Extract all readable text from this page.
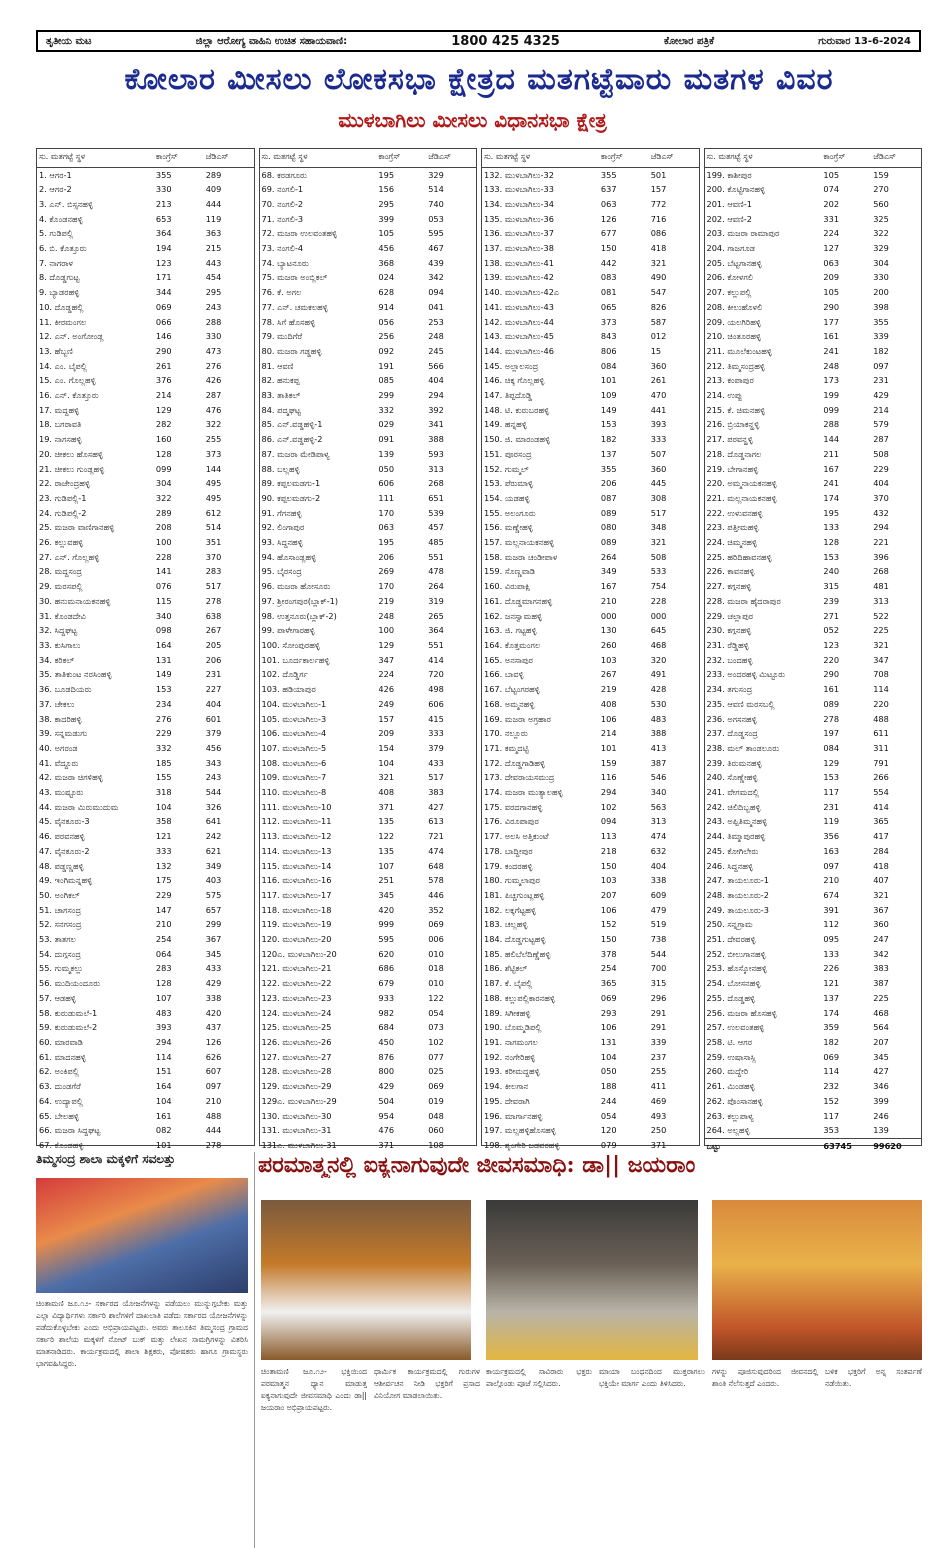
ತೃತೀಯ ಮಟ	ಜಿಲ್ಲಾ ಆರೋಗ್ಯ ವಾಹಿನಿ ಉಚಿತ ಸಹಾಯವಾಣಿ:	1800 425 4325	ಕೋಲಾರ ಪತ್ರಿಕೆ	ಗುರುವಾರ 13-6-2024
ಕೋಲಾರ ಮೀಸಲು ಲೋಕಸಭಾ ಕ್ಷೇತ್ರದ ಮತಗಟ್ಟೆವಾರು ಮತಗಳ ವಿವರ
ಮುಳಬಾಗಿಲು ಮೀಸಲು ವಿಧಾನಸಭಾ ಕ್ಷೇತ್ರ
ಸು. ಮತಗಟ್ಟೆ ಸ್ಥಳ	ಕಾಂಗ್ರೆಸ್	ಜೆಡಿಎಸ್
1. ಆಗರ-1	355	289
2. ಆಗರ-2	330	409
3. ಎನ್. ಬಿಸ್ಸನಹಳ್ಳಿ	213	444
4. ಕೊಂಡನಹಳ್ಳಿ	653	119
5. ಗುಡಿಪಲ್ಲಿ	364	363
6. ಬಿ. ಕೊತ್ತೂರು	194	215
7. ನಾಗರಾಳ	123	443
8. ದೊಡ್ಡಗುಟ್ಟ	171	454
9. ಬ್ಯಾಡರಹಳ್ಳಿ	344	295
10. ದೊಡ್ಡಹಲ್ಲಿ	069	243
11. ಕೀರಮಂಗಲ	066	288
12. ಎನ್. ಅಂಗೋಂಡ್ಲ	146	330
13. ಹೆಬ್ಬಣಿ	290	473
14. ಎಂ. ಬೈಪಲ್ಲಿ	261	276
15. ಎಂ. ಗೊಲ್ಲಹಳ್ಳಿ	376	426
16. ಎನ್. ಕೊತ್ತೂರು	214	287
17. ಮದ್ದಹಳ್ಳಿ	129	476
18. ಬಗರಾವತಿ	282	322
19. ನಾಗಸಹಳ್ಳಿ	160	255
20. ಚೀಕಲು ಹೊಸಹಳ್ಳಿ	128	373
21. ಚೀಕಲು ಗುಂಡ್ಲಹಳ್ಳಿ	099	144
22. ರಾಜೇಂದ್ರಹಳ್ಳಿ	304	495
23. ಗುಡಿಪಲ್ಲಿ-1	322	495
24. ಗುಡಿಪಲ್ಲಿ-2	289	612
25. ಮಜರಾ ವಾಣಿಗಾನಹಳ್ಳಿ	208	514
26. ಕಲ್ಲುವಹಳ್ಳಿ	100	351
27. ಎನ್. ಗೊಲ್ಲಹಳ್ಳಿ	228	370
28. ಮದ್ದಸಂದ್ರ	141	283
29. ಮರಸಪಲ್ಲಿ	076	517
30. ಹನುಮನಾಯಕನಹಳ್ಳಿ	115	278
31. ಕೊಂಡದೇವಿ	340	638
32. ಸಿದ್ದಘಟ್ಟ	098	267
33. ಕುಸಿಗಾಲು	164	205
34. ಕರಿಕಲ್	131	206
35. ತಾತಿಕುಂಟ ನರಸಿಂಹಳ್ಳಿ	149	231
36. ಬೂಡದಿಯರು	153	227
37. ಚೇಕಲು	234	404
38. ಕಾದರಿಹಳ್ಳಿ	276	601
39. ಸನ್ನಮಡುಗು	229	379
40. ಅಗರಂಡ	332	456
41. ವೆದ್ದೂರು	185	343
42. ಮಜರಾ ಚಿಗಳಿಹಳ್ಳಿ	155	243
43. ಮುಷ್ಟೂರು	318	544
44. ಮಜರಾ ಮಿರುಮುದುಮ	104	326
45. ವೈನಕೂರು-3	358	641
46. ಪರವನಹಳ್ಳಿ	121	242
47. ವೈನಕೂರು-2	333	621
48. ಪಡ್ಡಣ್ಣಹಳ್ಳಿ	132	349
49. ಇಂಗಿಮನ್ನಹಳ್ಳಿ	175	403
50. ಅಂಗಿಕಲ್	229	575
51. ಚಾಗಸಂದ್ರ	147	657
52. ಸನಗಸಂದ್ರ	210	299
53. ತಾತಗಲ	254	367
54. ದುಗ್ಗಸಂದ್ರ	064	345
55. ಗುಮ್ಮಕಲ್ಲು	283	433
56. ಮುದಿಯಂದೂರು	128	429
57. ಆಡಹಳ್ಳಿ	107	338
58. ಕುರುಡುಮಲೆ-1	483	420
59. ಕುರುಡುಮಲೆ-2	393	437
60. ಮಾರವಾಡಿ	294	126
61. ಮಾದನಹಳ್ಳಿ	114	626
62. ಅಂಕಿಪಲ್ಲಿ	151	607
63. ದುಂಡಗೆರೆ	164	097
64. ಉದ್ಯಾಪಲ್ಲಿ	104	210
65. ಬೇಲಹಳ್ಳಿ	161	488
66. ಮಜರಾ ಸಿದ್ದಘಟ್ಟ	082	444
67. ಕೊಂಡಹಳ್ಳಿ	101	278
ಸು. ಮತಗಟ್ಟೆ ಸ್ಥಳ	ಕಾಂಗ್ರೆಸ್	ಜೆಡಿಎಸ್
68. ಕರಡಗೂರು	195	329
69. ನಂಗಲಿ-1	156	514
70. ನಂಗಲಿ-2	295	740
71. ನಂಗಲಿ-3	399	053
72. ಮಜರಾ ಉಲವಂತಹಳ್ಳಿ	105	595
73. ನಂಗಲಿ-4	456	467
74. ಬ್ಯಾಟನೂರು	368	439
75. ಮಜರಾ ಅಂಬ್ಲಿಕಲ್	024	342
76. ಕೆ. ಅಗಲ	628	094
77. ಎನ್. ಚಮಕಲಹಳ್ಳಿ	914	041
78. ಸಿಗೆ ಹೊಸಹಳ್ಳಿ	056	253
79. ಮುದಿಗೆರೆ	256	248
80. ಮಜರಾ ಗಡ್ಡಹಳ್ಳಿ	092	245
81. ಆವಣಿ	191	566
82. ಹನುಕಪ್ಪ	085	404
83. ತಾತಿಕಲ್	299	294
84. ಪದ್ಮಘಟ್ಟ	332	392
85. ಎನ್.ವಡ್ಡಹಳ್ಳಿ-1	029	341
86. ಎನ್.ವಡ್ಡಹಳ್ಳಿ-2	091	388
87. ಮಜರಾ ಮೇಡಿಪಾಳ್ಯ	139	593
88. ಬಲ್ಲಹಳ್ಳಿ	050	313
89. ಕಪ್ಪಲಮಡಗು-1	606	268
90. ಕಪ್ಪಲಮಡಗು-2	111	651
91. ಗೆಗನಹಳ್ಳಿ	170	539
92. ಲಿಂಗಾಪುರ	063	457
93. ಸಿದ್ದನಹಳ್ಳಿ	195	485
94. ಹೊಸಾಂಡ್ಲಹಳ್ಳಿ	206	551
95. ಬೈರಸಂದ್ರ	269	478
96. ಮಜರಾ ಹೋಸೂರು	170	264
97. ಶ್ರೀರಂಗಪುರ(ಬ್ಲಾಕ್-1)	219	319
98. ಉತ್ತನೂರು(ಬ್ಲಾಕ್-2)	248	265
99. ಪಾಳೇಗಾರಹಳ್ಳಿ	100	364
100. ಸೋಂಪುರಹಳ್ಳಿ	129	551
101. ಬೂರ್ದಕಾರ್ಲಹಳ್ಳಿ	347	414
102. ದೊಡ್ಡಿರ್ಗ	224	720
103. ಹಡಿಯಾಪುರ	426	498
104. ಮುಳಬಾಗಿಲು-1	249	606
105. ಮುಳಬಾಗಿಲು-3	157	415
106. ಮುಳಬಾಗಿಲು-4	209	333
107. ಮುಳಬಾಗಿಲು-5	154	379
108. ಮುಳಬಾಗಿಲು-6	104	433
109. ಮುಳಬಾಗಿಲು-7	321	517
110. ಮುಳಬಾಗಿಲು-8	408	383
111. ಮುಳಬಾಗಿಲು-10	371	427
112. ಮುಳಬಾಗಿಲು-11	135	613
113. ಮುಳಬಾಗಿಲು-12	122	721
114. ಮುಳಬಾಗಿಲು-13	135	474
115. ಮುಳಬಾಗಿಲು-14	107	648
116. ಮುಳಬಾಗಿಲು-16	251	578
117. ಮುಳಬಾಗಿಲು-17	345	446
118. ಮುಳಬಾಗಿಲು-18	420	352
119. ಮುಳಬಾಗಿಲು-19	999	069
120. ಮುಳಬಾಗಿಲು-20	595	006
120ಎ. ಮುಳಬಾಗಿಲು-20	620	010
121. ಮುಳಬಾಗಿಲು-21	686	018
122. ಮುಳಬಾಗಿಲು-22	679	010
123. ಮುಳಬಾಗಿಲು-23	933	122
124. ಮುಳಬಾಗಿಲು-24	982	054
125. ಮುಳಬಾಗಿಲು-25	684	073
126. ಮುಳಬಾಗಿಲು-26	450	102
127. ಮುಳಬಾಗಿಲು-27	876	077
128. ಮುಳಬಾಗಿಲು-28	800	025
129. ಮುಳಬಾಗಿಲು-29	429	069
129ಎ. ಮುಳಬಾಗಿಲು-29	504	019
130. ಮುಳಬಾಗಿಲು-30	954	048
131. ಮುಳಬಾಗಿಲು-31	476	060
131ಎ. ಮುಳಬಾಗಿಲು-31	371	108
ಸು. ಮತಗಟ್ಟೆ ಸ್ಥಳ	ಕಾಂಗ್ರೆಸ್	ಜೆಡಿಎಸ್
132. ಮುಳಬಾಗಿಲು-32	355	501
133. ಮುಳಬಾಗಿಲು-33	637	157
134. ಮುಳಬಾಗಿಲು-34	063	772
135. ಮುಳಬಾಗಿಲು-36	126	716
136. ಮುಳಬಾಗಿಲು-37	677	086
137. ಮುಳಬಾಗಿಲು-38	150	418
138. ಮುಳಬಾಗಿಲು-41	442	321
139. ಮುಳಬಾಗಿಲು-42	083	490
140. ಮುಳಬಾಗಿಲು-42ಎ	081	547
141. ಮುಳಬಾಗಿಲು-43	065	826
142. ಮುಳಬಾಗಿಲು-44	373	587
143. ಮುಳಬಾಗಿಲು-45	843	012
144. ಮುಳಬಾಗಿಲು-46	806	15
145. ಅಲ್ಲಾಲಸಂದ್ರ	084	360
146. ಚಿಕ್ಕ ಗೊಲ್ಲಹಳ್ಳಿ	101	261
147. ತಿಪ್ಪದೊಡ್ಡಿ	109	470
148. ಟಿ. ಕುರುಬರಹಳ್ಳಿ	149	441
149. ಹನ್ನಹಳ್ಳಿ	153	393
150. ಜಿ. ಮಾರಂಡಹಳ್ಳಿ	182	333
151. ಪೂರಸಂದ್ರ	137	507
152. ಗುಮ್ಮಲ್	355	360
153. ಪೆರುಮಾಳ್ಳಿ	206	445
154. ಯಡಹಳ್ಳಿ	087	308
155. ಅಲಂಗೂರು	089	517
156. ಮಣ್ಣೇಹಳ್ಳಿ	080	348
157. ಮಲ್ಲನಾಯಕನಹಳ್ಳಿ	089	321
158. ಮಜರಾ ಚಂಡೀಪಾಳ	264	508
159. ಸೊಣ್ಣವಾಡಿ	349	533
160. ವಿರುಪಾಕ್ಷಿ	167	754
161. ದೊಡ್ಡಮಾಗನಹಳ್ಳಿ	210	228
162. ಜನಸ್ವಾಮಹಳ್ಳಿ	000	000
163. ಜಿ. ಗಟ್ಟಹಳ್ಳಿ	130	645
164. ಕೊತ್ತಮಂಗಲ	260	468
165. ಅನಸಾಪುರ	103	320
166. ಬಾವಳ್ಳಿ	267	491
167. ಬೆಟ್ಟಂಗರಹಳ್ಳಿ	219	428
168. ಅಮ್ಮನಹಳ್ಳಿ	408	530
169. ಮಜರಾ ಅಗ್ರಹಾರ	106	483
170. ನಲ್ಲೂರು	214	388
171. ಕಮ್ಮದಟ್ಟಿ	101	413
172. ದೊಡ್ಡಗಾಡಿಹಳ್ಳಿ	159	387
173. ದೇವರಾಯಸಮುದ್ರ	116	546
174. ಮಜರಾ ಮುತ್ಯಾಲಹಳ್ಳಿ	294	340
175. ವರದಗಾನಹಳ್ಳಿ	102	563
176. ವಿರೂಪಾಪುರ	094	313
177. ಅಲಸಿ ಅತ್ತಿಕುಂಟೆ	113	474
178. ಬಾದ್ದೀಪುರ	218	632
179. ಕಂದರಹಳ್ಳಿ	150	404
180. ಗುಮ್ಮಲಾಪುರ	103	338
181. ಪಿಚ್ಚಗುಂಟ್ಲಹಳ್ಳಿ	207	609
182. ಲಕ್ಕಗೆಟ್ಟಹಳ್ಳಿ	106	479
183. ಚಲ್ಲಹಳ್ಳಿ	152	519
184. ದೊಡ್ಡಗುಟ್ಟಹಳ್ಳಿ	150	738
185. ಹಲಿಬೆಲೆದಿಣ್ಣೆಹಳ್ಳಿ	378	544
186. ಶೆಟ್ಟಿಕಲ್	254	700
187. ಕೆ. ಬೈಪಲ್ಲಿ	365	315
188. ಕಲ್ಲುಪಲ್ಲಿಕಾರನಹಳ್ಳಿ	069	296
189. ಸಿಗೀಕಹಳ್ಳಿ	293	291
190. ಬೊಮ್ಮಡಿಪಲ್ಲಿ	106	291
191. ನಾಗಮಂಗಲ	131	339
192. ನಂಗೇರಿಹಳ್ಳಿ	104	237
193. ಕರೀಮದ್ದಹಳ್ಳಿ	050	255
194. ಕೀಲಗಾನ	188	411
195. ದೇವರಾಗಿ	244	469
196. ಮಾರ್ಗಾನಹಳ್ಳಿ	054	493
197. ಮಲ್ಲಹಳ್ಳಿಹೊಸಹಳ್ಳಿ	120	250
198. ಶೃಂಗೇರಿ ಜಡವರಹಳ್ಳಿ	079	371
ಸು. ಮತಗಟ್ಟೆ ಸ್ಥಳ	ಕಾಂಗ್ರೆಸ್	ಜೆಡಿಎಸ್
199. ಕಾಶೀಪುರ	105	159
200. ಕೊಟ್ಟಿಗಾನಹಳ್ಳಿ	074	270
201. ಆವಣಿ-1	202	560
202. ಆವಣಿ-2	331	325
203. ಮಜರಾ ರಾಮಾಪುರ	224	322
204. ಗಾಜಗೂಡ	127	329
205. ಬೆಟ್ಟಗಾನಹಳ್ಳಿ	063	304
206. ಕೋಳಗಲಿ	209	330
207. ಕಲ್ಲುಪಲ್ಲಿ	105	200
208. ಕೀಲುಹೊಳಲಿ	290	398
209. ಯಲಗಿರಿಹಳ್ಳಿ	177	355
210. ಚಿಂತೂರಹಳ್ಳಿ	161	339
211. ಮೂಲೆಕುಂಟಹಳ್ಳಿ	241	182
212. ತಿಮ್ಮಸಂದ್ರಹಳ್ಳಿ	248	097
213. ಕಂಪಾಪುರ	173	231
214. ಉಪ್ಪು	199	429
215. ಕೆ. ಚಿಮನಹಳ್ಳಿ	099	214
216. ಬ್ರಿಯಾಕನ್ಹಳ್ಳಿ	288	579
217. ಪರವನ್ಹಳ್ಳಿ	144	287
218. ದೊಡ್ಡನಾಗಲ	211	508
219. ಬೇಗಾನಹಳ್ಳಿ	167	229
220. ಅಮ್ಮನಾಯಕನಹಳ್ಳಿ	241	404
221. ಮಲ್ಲನಾಯಕನಹಳ್ಳಿ	174	370
222. ಉಳುವನಹಳ್ಳಿ	195	432
223. ಪತ್ತೀಮಹಳ್ಳಿ	133	294
224. ಚಿಮ್ಮನಹಳ್ಳಿ	128	221
225. ಹರಿದಿಹಾವನಹಳ್ಳಿ	153	396
226. ಕಾವನಹಳ್ಳಿ	240	268
227. ಕಗ್ಗನಹಳ್ಳಿ	315	481
228. ಮಜರಾ ಹೈದರಾಪುರ	239	313
229. ಚಲ್ಲಾಪುರ	271	522
230. ಕಗ್ಗನಹಳ್ಳಿ	052	225
231. ರೆಡ್ಡಿಹಳ್ಳಿ	123	321
232. ಬಂದಹಳ್ಳಿ	220	347
233. ಅಂದರಹಳ್ಳಿ ಮಿಟ್ಟೂರು	290	708
234. ತಗುಸಂದ್ರ	161	114
235. ಆವಣಿ ಮರಸಬಲ್ಲಿ	089	220
236. ಅಗಸನಹಳ್ಳಿ	278	488
237. ದೊಡ್ಡಸಂದ್ರ	197	611
238. ಮಲ್ ತಾಂಡಲೂರು	084	311
239. ತಿರುಮನಹಳ್ಳಿ	129	791
240. ಸೊಣ್ಣೇಹಳ್ಳಿ	153	266
241. ವೇಗಮದಲ್ಲಿ	117	554
242. ಚಿಲಿದಿಬ್ಬಹಳ್ಳಿ	231	414
243. ಅಪ್ಪಿತಿಮ್ಮನಹಳ್ಳಿ	119	365
244. ತಿಮ್ಮಾಪುರಹಳ್ಳಿ	356	417
245. ಕೋಗಿಲೇರು	163	284
246. ಸಿದ್ದನಹಳ್ಳಿ	097	418
247. ತಾಯಲೂರು-1	210	407
248. ತಾಯಲೂರು-2	674	321
249. ತಾಯಲೂರು-3	391	367
250. ಸನ್ನಗ್ರಾಮ	112	360
251. ದೇವರಹಳ್ಳಿ	095	247
252. ಬೀಲುಗಾನಹಳ್ಳಿ	133	342
253. ಹೊಸ್ಕೋನಹಳ್ಳಿ	226	383
254. ಬೋಸನಹಳ್ಳಿ	121	387
255. ದೊಡ್ಡಹಳ್ಳಿ	137	225
256. ಮಜರಾ ಹೊಸಹಳ್ಳಿ	174	468
257. ಉಲವಂತಹಳ್ಳಿ	359	564
258. ಟಿ. ಆಗರ	182	207
259. ಉಷಾಸಾಸ್ಲಿ	069	345
260. ಮದ್ದೇರಿ	114	427
261. ಮಿಂಡಹಳ್ಳಿ	232	346
262. ಪೊಂಸಾನಹಳ್ಳಿ	152	399
263. ಕಲ್ಲುಪಾಳ್ಯ	117	246
264. ಅಲ್ಲಹಳ್ಳಿ	353	139
ಒಟ್ಟು	63745	99620
ತಿಮ್ಮಸಂದ್ರ ಶಾಲಾ ಮಕ್ಕಳಿಗೆ ಸವಲತ್ತು	ಪರಮಾತ್ಮನಲ್ಲಿ ಐಕ್ಯನಾಗುವುದೇ ಜೀವಸಮಾಧಿ: ಡಾ|| ಜಯರಾಂ
ಚಿಂತಾಮಣಿ ಜೂ.೧೨- ಸರ್ಕಾರದ ಯೋಜನೆಗಳನ್ನು ಪಡೆಯಲು ಮುನ್ನುಗ್ಗಬೇಕು ಮತ್ತು ಎಲ್ಲಾ ವಿದ್ಯಾರ್ಥಿಗಳು ಸರ್ಕಾರಿ ಶಾಲೆಗಳಿಗೆ ದಾಖಲಾತಿ ಪಡೆದು ಸರ್ಕಾರದ ಯೋಜನೆಗಳನ್ನು ಪಡೆದುಕೊಳ್ಳಬೇಕು ಎಂದು ಅಭಿಪ್ರಾಯಪಟ್ಟರು. ಅವರು ತಾಲೂಕಿನ ತಿಮ್ಮಸಂದ್ರ ಗ್ರಾಮದ ಸರ್ಕಾರಿ ಶಾಲೆಯ ಮಕ್ಕಳಿಗೆ ನೋಟ್ ಬುಕ್ ಮತ್ತು ಲೇಖನ ಸಾಮಗ್ರಿಗಳನ್ನು ವಿತರಿಸಿ ಮಾತನಾಡಿದರು. ಕಾರ್ಯಕ್ರಮದಲ್ಲಿ ಶಾಲಾ ಶಿಕ್ಷಕರು, ಪೋಷಕರು ಹಾಗೂ ಗ್ರಾಮಸ್ಥರು ಭಾಗವಹಿಸಿದ್ದರು.
ಚಿಂತಾಮಣಿ ಜೂ.೧೨- ಭಕ್ತಿಯಿಂದ ಪರಮಾತ್ಮನ ಧ್ಯಾನ ಮಾಡುತ್ತ ಐಕ್ಯನಾಗುವುದೇ ಜೀವಸಮಾಧಿ ಎಂದು ಡಾ|| ಜಯರಾಂ ಅಭಿಪ್ರಾಯಪಟ್ಟರು.
ಧಾರ್ಮಿಕ ಕಾರ್ಯಕ್ರಮದಲ್ಲಿ ಗುರುಗಳ ಆಶೀರ್ವಚನ ನೀಡಿ ಭಕ್ತರಿಗೆ ಪ್ರಸಾದ ವಿನಿಯೋಗ ಮಾಡಲಾಯಿತು.
ಕಾರ್ಯಕ್ರಮದಲ್ಲಿ ಸಾವಿರಾರು ಭಕ್ತರು ಪಾಲ್ಗೊಂಡು ಪೂಜೆ ಸಲ್ಲಿಸಿದರು.
ಮಾಯಾ ಬಂಧನದಿಂದ ಮುಕ್ತರಾಗಲು ಭಕ್ತಿಯೇ ಮಾರ್ಗ ಎಂದು ತಿಳಿಸಿದರು.
ಗಳನ್ನು ಪೂಜಿಸುವುದರಿಂದ ಜೀವನದಲ್ಲಿ ಶಾಂತಿ ನೆಲೆಸುತ್ತದೆ ಎಂದರು.
ಬಳಿಕ ಭಕ್ತರಿಗೆ ಅನ್ನ ಸಂತರ್ಪಣೆ ನಡೆಯಿತು.
